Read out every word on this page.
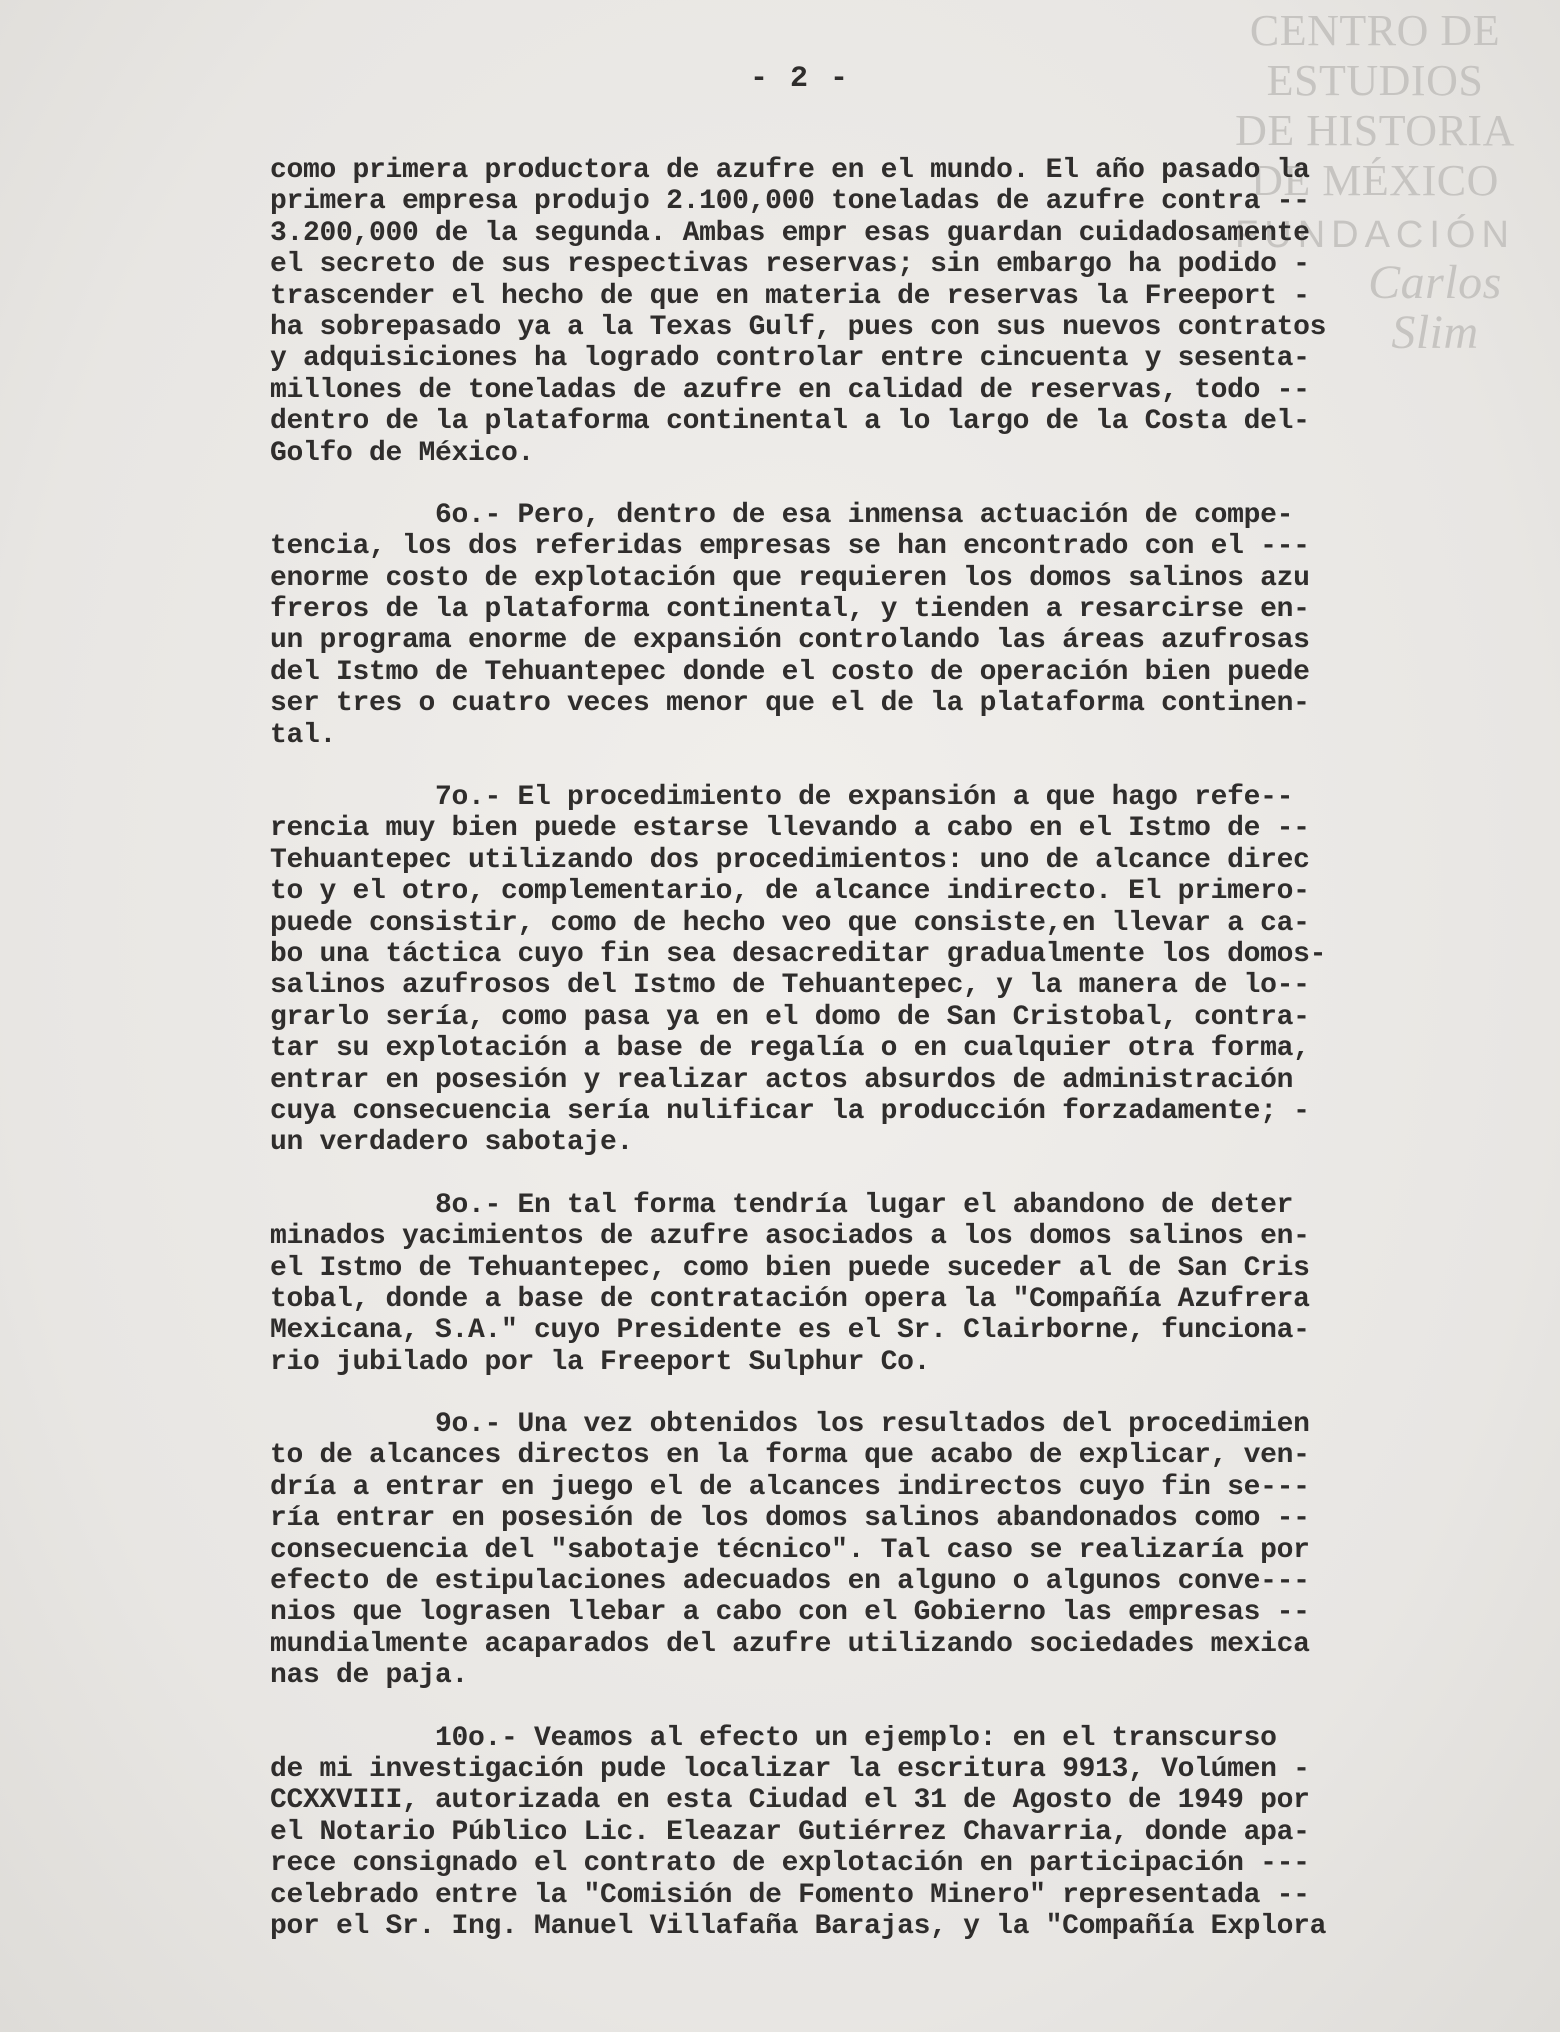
CENTRO DE
ESTUDIOS
DE HISTORIA
DE MÉXICO
FUNDACIÓN
Carlos Slim
- 2 -
como primera productora de azufre en el mundo. El año pasado la
primera empresa produjo 2.100,000 toneladas de azufre contra --
3.200,000 de la segunda. Ambas empr esas guardan cuidadosamente
el secreto de sus respectivas reservas; sin embargo ha podido -
trascender el hecho de que en materia de reservas la Freeport -
ha sobrepasado ya a la Texas Gulf, pues con sus nuevos contratos
y adquisiciones ha logrado controlar entre cincuenta y sesenta-
millones de toneladas de azufre en calidad de reservas, todo --
dentro de la plataforma continental a lo largo de la Costa del-
Golfo de México.
6o.- Pero, dentro de esa inmensa actuación de compe-
tencia, los dos referidas empresas se han encontrado con el ---
enorme costo de explotación que requieren los domos salinos azu
freros de la plataforma continental, y tienden a resarcirse en-
un programa enorme de expansión controlando las áreas azufrosas
del Istmo de Tehuantepec donde el costo de operación bien puede
ser tres o cuatro veces menor que el de la plataforma continen-
tal.
7o.- El procedimiento de expansión a que hago refe--
rencia muy bien puede estarse llevando a cabo en el Istmo de --
Tehuantepec utilizando dos procedimientos: uno de alcance direc
to y el otro, complementario, de alcance indirecto. El primero-
puede consistir, como de hecho veo que consiste,en llevar a ca-
bo una táctica cuyo fin sea desacreditar gradualmente los domos-
salinos azufrosos del Istmo de Tehuantepec, y la manera de lo--
grarlo sería, como pasa ya en el domo de San Cristobal, contra-
tar su explotación a base de regalía o en cualquier otra forma,
entrar en posesión y realizar actos absurdos de administración
cuya consecuencia sería nulificar la producción forzadamente; -
un verdadero sabotaje.
8o.- En tal forma tendría lugar el abandono de deter
minados yacimientos de azufre asociados a los domos salinos en-
el Istmo de Tehuantepec, como bien puede suceder al de San Cris
tobal, donde a base de contratación opera la "Compañía Azufrera
Mexicana, S.A." cuyo Presidente es el Sr. Clairborne, funciona-
rio jubilado por la Freeport Sulphur Co.
9o.- Una vez obtenidos los resultados del procedimien
to de alcances directos en la forma que acabo de explicar, ven-
dría a entrar en juego el de alcances indirectos cuyo fin se---
ría entrar en posesión de los domos salinos abandonados como --
consecuencia del "sabotaje técnico". Tal caso se realizaría por
efecto de estipulaciones adecuados en alguno o algunos conve---
nios que lograsen llebar a cabo con el Gobierno las empresas --
mundialmente acaparados del azufre utilizando sociedades mexica
nas de paja.
10o.- Veamos al efecto un ejemplo: en el transcurso
de mi investigación pude localizar la escritura 9913, Volúmen -
CCXXVIII, autorizada en esta Ciudad el 31 de Agosto de 1949 por
el Notario Público Lic. Eleazar Gutiérrez Chavarria, donde apa-
rece consignado el contrato de explotación en participación ---
celebrado entre la "Comisión de Fomento Minero" representada --
por el Sr. Ing. Manuel Villafaña Barajas, y la "Compañía Explora
